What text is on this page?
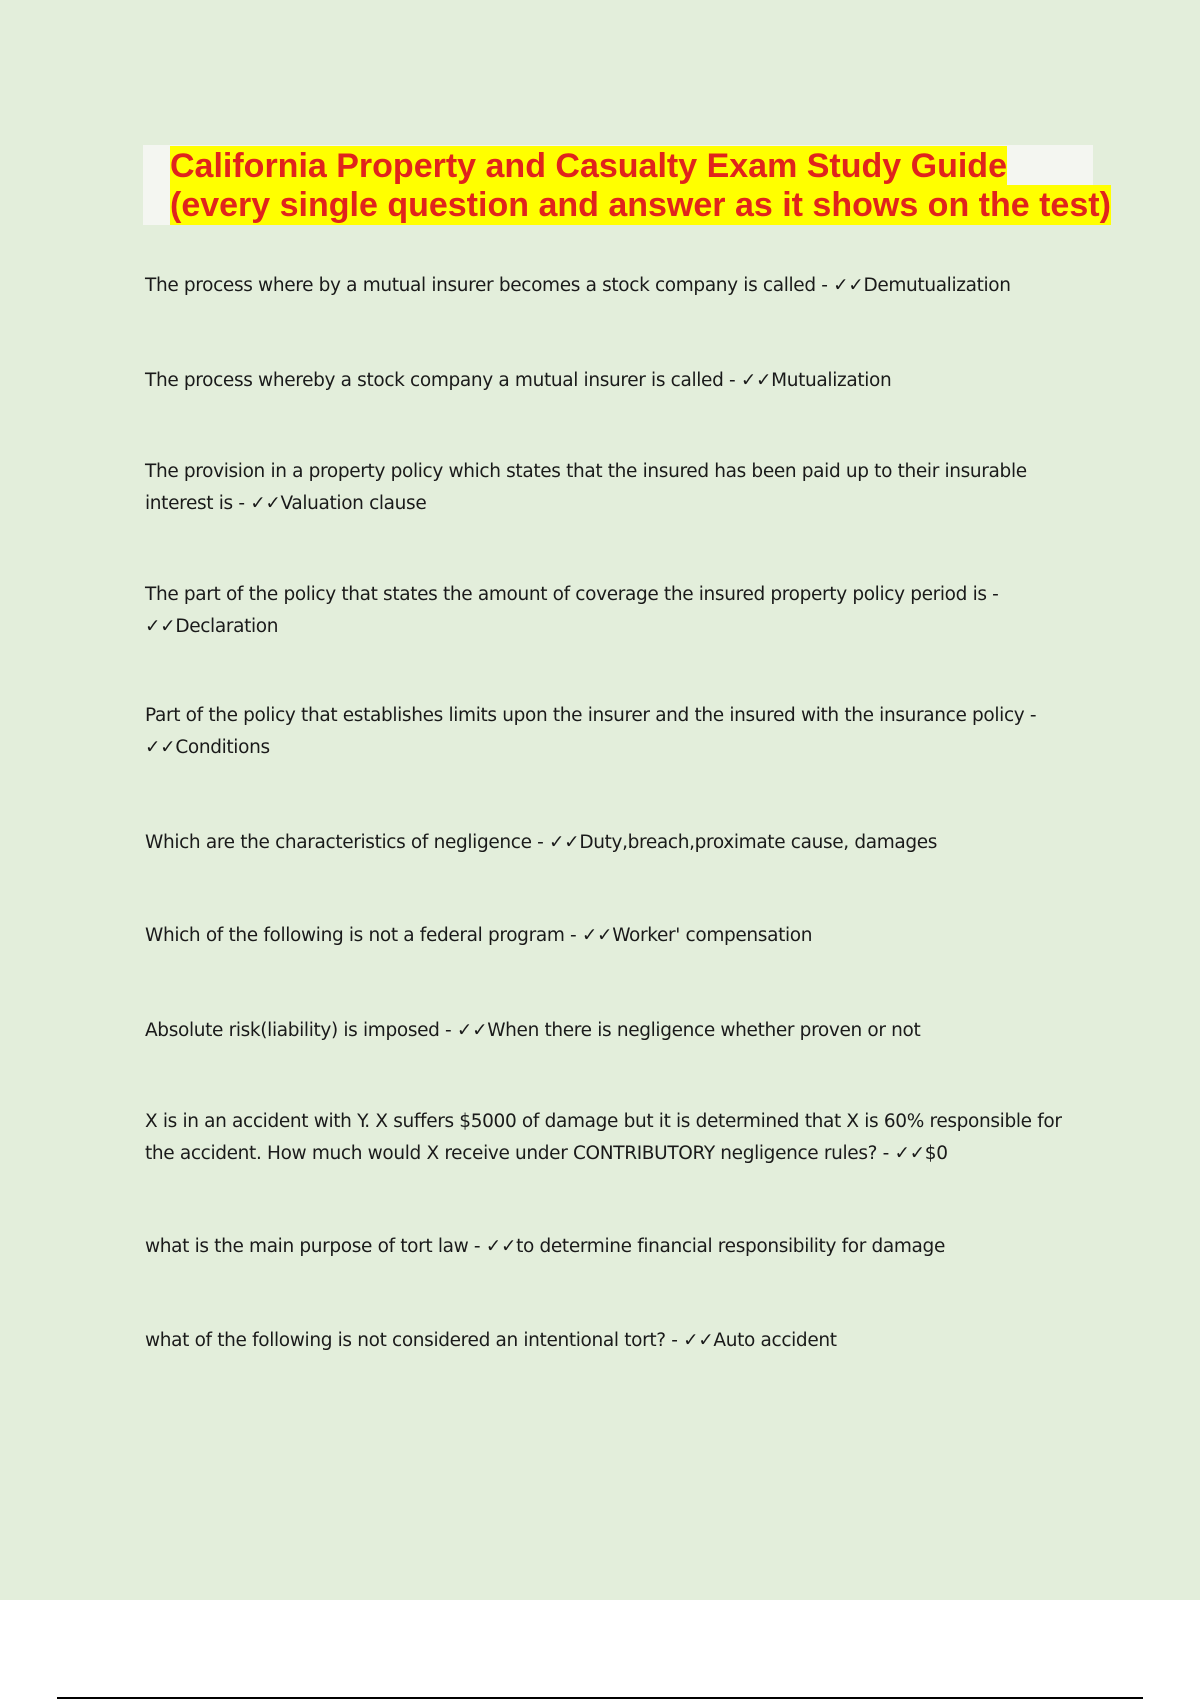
California Property and Casualty Exam Study Guide
(every single question and answer as it shows on the test)
The process where by a mutual insurer becomes a stock company is called - ✓✓Demutualization
The process whereby a stock company a mutual insurer is called - ✓✓Mutualization
The provision in a property policy which states that the insured has been paid up to their insurable interest is - ✓✓Valuation clause
The part of the policy that states the amount of coverage the insured property policy period is - ✓✓Declaration
Part of the policy that establishes limits upon the insurer and the insured with the insurance policy - ✓✓Conditions
Which are the characteristics of negligence - ✓✓Duty,breach,proximate cause, damages
Which of the following is not a federal program - ✓✓Worker' compensation
Absolute risk(liability) is imposed - ✓✓When there is negligence whether proven or not
X is in an accident with Y. X suffers $5000 of damage but it is determined that X is 60% responsible for the accident. How much would X receive under CONTRIBUTORY negligence rules? - ✓✓$0
what is the main purpose of tort law - ✓✓to determine financial responsibility for damage
what of the following is not considered an intentional tort? - ✓✓Auto accident
